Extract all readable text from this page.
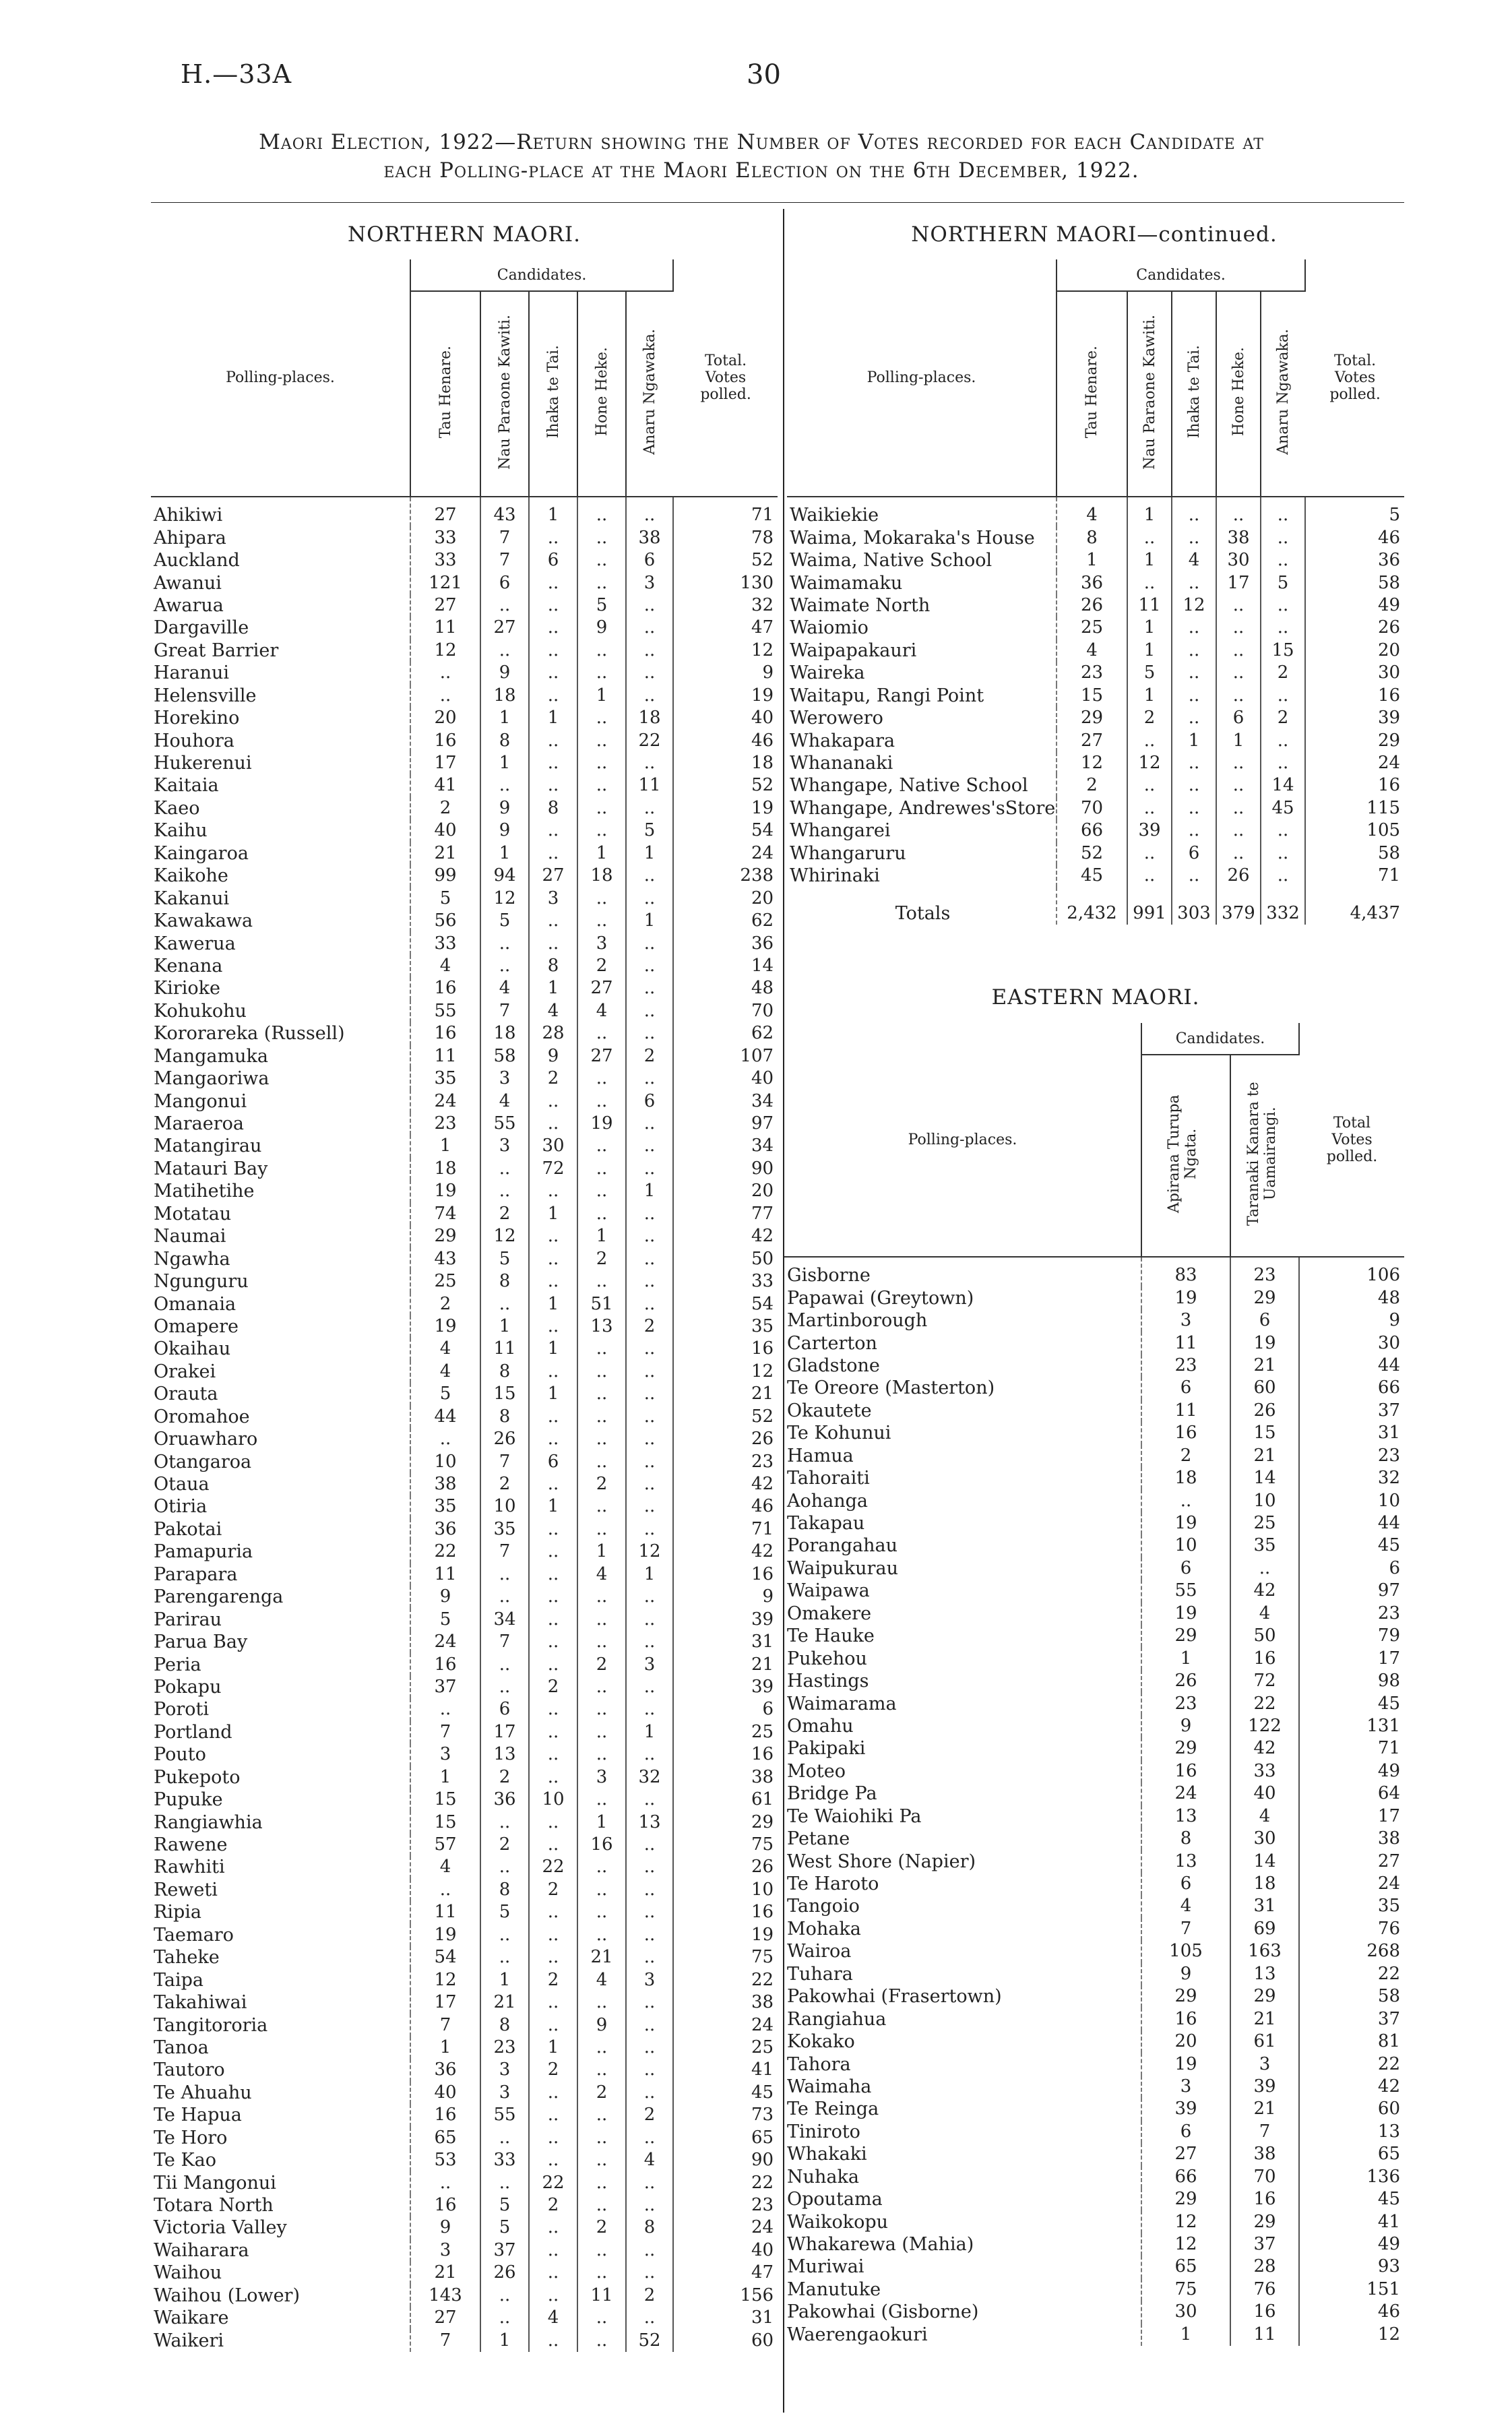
H.—33A	30
Maori Election, 1922—Return showing the Number of Votes recorded for each Candidate at
each Polling-place at the Maori Election on the 6th December, 1922.
NORTHERN MAORI.	NORTHERN MAORI—continued.
Polling-places.	Candidates.					Total. Votes polled.
	Tau Henare.	Nau Paraone Kawiti.	Ihaka te Tai.	Hone Heke.	Anaru Ngawaka.	
Ahikiwi	27	43	1	..	..	71
Ahipara	33	7	..	..	38	78
Auckland	33	7	6	..	6	52
Awanui	121	6	..	..	3	130
Awarua	27	..	..	5	..	32
Dargaville	11	27	..	9	..	47
Great Barrier	12	..	..	..	..	12
Haranui	..	9	..	..	..	9
Helensville	..	18	..	1	..	19
Horekino	20	1	1	..	18	40
Houhora	16	8	..	..	22	46
Hukerenui	17	1	..	..	..	18
Kaitaia	41	..	..	..	11	52
Kaeo	2	9	8	..	..	19
Kaihu	40	9	..	..	5	54
Kaingaroa	21	1	..	1	1	24
Kaikohe	99	94	27	18	..	238
Kakanui	5	12	3	..	..	20
Kawakawa	56	5	..	..	1	62
Kaweruа	33	..	..	3	..	36
Kenana	4	..	8	2	..	14
Kirioke	16	4	1	27	..	48
Kohukohu	55	7	4	4	..	70
Kororareka (Russell)	16	18	28	..	..	62
Mangamuka	11	58	9	27	2	107
Mangaoriwa	35	3	2	..	..	40
Mangonui	24	4	..	..	6	34
Maraeroa	23	55	..	19	..	97
Matangirau	1	3	30	..	..	34
Matauri Bay	18	..	72	..	..	90
Matihetihe	19	..	..	..	1	20
Motatau	74	2	1	..	..	77
Naumai	29	12	..	1	..	42
Ngawha	43	5	..	2	..	50
Ngunguru	25	8	..	..	..	33
Omanaia	2	..	1	51	..	54
Omapere	19	1	..	13	2	35
Okaihau	4	11	1	..	..	16
Orakei	4	8	..	..	..	12
Orauta	5	15	1	..	..	21
Oromahoe	44	8	..	..	..	52
Oruawharo	..	26	..	..	..	26
Otangaroa	10	7	6	..	..	23
Otaua	38	2	..	2	..	42
Otiria	35	10	1	..	..	46
Pakotai	36	35	..	..	..	71
Pamapuria	22	7	..	1	12	42
Parapara	11	..	..	4	1	16
Parengarenga	9	..	..	..	..	9
Parirau	5	34	..	..	..	39
Parua Bay	24	7	..	..	..	31
Peria	16	..	..	2	3	21
Pokapu	37	..	2	..	..	39
Poroti	..	6	..	..	..	6
Portland	7	17	..	..	1	25
Pouto	3	13	..	..	..	16
Pukepoto	1	2	..	3	32	38
Pupuke	15	36	10	..	..	61
Rangiawhia	15	..	..	1	13	29
Rawene	57	2	..	16	..	75
Rawhiti	4	..	22	..	..	26
Reweti	..	8	2	..	..	10
Ripia	11	5	..	..	..	16
Taemaro	19	..	..	..	..	19
Taheke	54	..	..	21	..	75
Taipa	12	1	2	4	3	22
Takahiwai	17	21	..	..	..	38
Tangitororia	7	8	..	9	..	24
Tanoa	1	23	1	..	..	25
Tautoro	36	3	2	..	..	41
Te Ahuahu	40	3	..	2	..	45
Te Hapua	16	55	..	..	2	73
Te Horo	65	..	..	..	..	65
Te Kao	53	33	..	..	4	90
Tii Mangonui	..	..	22	..	..	22
Totara North	16	5	2	..	..	23
Victoria Valley	9	5	..	2	8	24
Waiharara	3	37	..	..	..	40
Waihou	21	26	..	..	..	47
Waihou (Lower)	143	..	..	11	2	156
Waikare	27	..	4	..	..	31
Waikeri	7	1	..	..	52	60
Polling-places.	Candidates.					Total. Votes polled.
	Tau Henare.	Nau Paraone Kawiti.	Ihaka te Tai.	Hone Heke.	Anaru Ngawaka.	
Waikiekie	4	1	..	..	..	5
Waima, Mokaraka's House	8	..	..	38	..	46
Waima, Native School	1	1	4	30	..	36
Waimamaku	36	..	..	17	5	58
Waimate North	26	11	12	..	..	49
Waiomio	25	1	..	..	..	26
Waipapakauri	4	1	..	..	15	20
Waireka	23	5	..	..	2	30
Waitapu, Rangi Point	15	1	..	..	..	16
Werowero	29	2	..	6	2	39
Whakapara	27	..	1	1	..	29
Whananaki	12	12	..	..	..	24
Whangape, Native School	2	..	..	..	14	16
Whangape, Andrewes'sStore	70	..	..	..	45	115
Whangarei	66	39	..	..	..	105
Whangaruru	52	..	6	..	..	58
Whirinaki	45	..	..	26	..	71
Totals	2,432	991	303	379	332	4,437
EASTERN MAORI.
Polling-places.	Candidates.		Total Votes polled.
	Apirana Turupa Ngata.	Taranaki Kanara te Uamairangi.	
Gisborne	83	23	106
Papawai (Greytown)	19	29	48
Martinborough	3	6	9
Carterton	11	19	30
Gladstone	23	21	44
Te Oreore (Masterton)	6	60	66
Okautete	11	26	37
Te Kohunui	16	15	31
Hamua	2	21	23
Tahoraiti	18	14	32
Aohanga	..	10	10
Takapau	19	25	44
Porangahau	10	35	45
Waipukurau	6	..	6
Waipawa	55	42	97
Omakere	19	4	23
Te Hauke	29	50	79
Pukehou	1	16	17
Hastings	26	72	98
Waimarama	23	22	45
Omahu	9	122	131
Pakipaki	29	42	71
Moteo	16	33	49
Bridge Pa	24	40	64
Te Waiohiki Pa	13	4	17
Petane	8	30	38
West Shore (Napier)	13	14	27
Te Haroto	6	18	24
Tangoio	4	31	35
Mohaka	7	69	76
Wairoa	105	163	268
Tuhara	9	13	22
Pakowhai (Frasertown)	29	29	58
Rangiahua	16	21	37
Kokako	20	61	81
Tahora	19	3	22
Waimaha	3	39	42
Te Reinga	39	21	60
Tiniroto	6	7	13
Whakaki	27	38	65
Nuhaka	66	70	136
Opoutama	29	16	45
Waikokopu	12	29	41
Whakarewa (Mahia)	12	37	49
Muriwai	65	28	93
Manutuke	75	76	151
Pakowhai (Gisborne)	30	16	46
Waerengaokuri	1	11	12
